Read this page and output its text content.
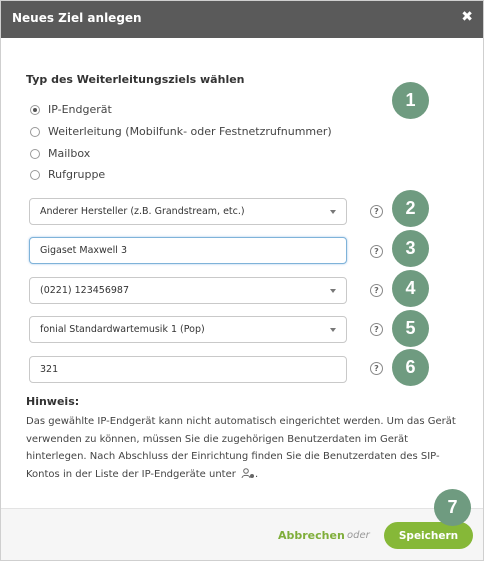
Neues Ziel anlegen	✖
Typ des Weiterleitungsziels wählen
IP-Endgerät
Weiterleitung (Mobilfunk- oder Festnetzrufnummer)
Mailbox
Rufgruppe
Anderer Hersteller (z.B. Grandstream, etc.)	?
Gigaset Maxwell 3
?
(0221) 123456987	?
fonial Standardwartemusik 1 (Pop)	?
321
?
1
2
3
4
5
6
Hinweis:
Das gewählte IP-Endgerät kann nicht automatisch eingerichtet werden. Um das Gerät verwenden zu können, müssen Sie die zugehörigen Benutzerdaten im Gerät hinterlegen. Nach Abschluss der Einrichtung finden Sie die Benutzerdaten des SIP-Kontos in der Liste der IP-Endgeräte unter .
Abbrechen oder	Speichern
7
